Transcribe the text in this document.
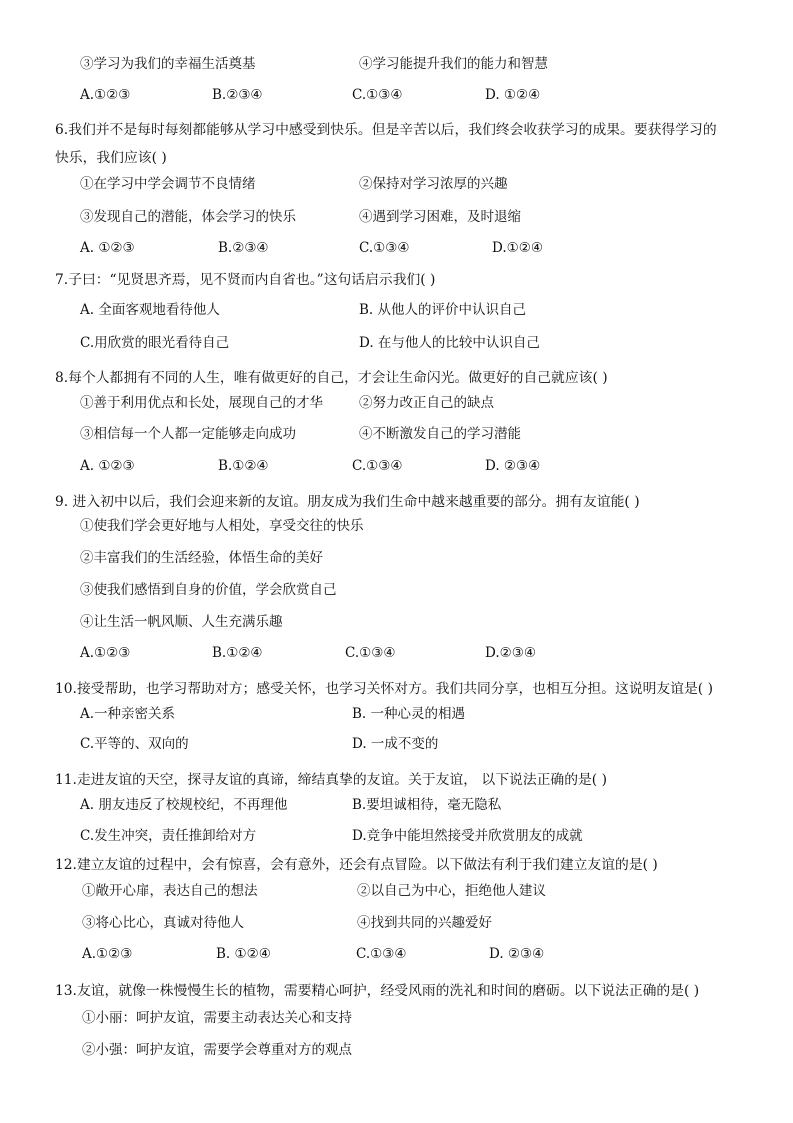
③学习为我们的幸福生活奠基	④学习能提升我们的能力和智慧
A.①②③	B.②③④	C.①③④	D. ①②④
6.我们并不是每时每刻都能够从学习中感受到快乐。但是辛苦以后，我们终会收获学习的成果。要获得学习的
快乐，我们应该( )
①在学习中学会调节不良情绪	②保持对学习浓厚的兴趣
③发现自己的潜能，体会学习的快乐	④遇到学习困难，及时退缩
A. ①②③	B.②③④	C.①③④	D.①②④
7.子曰：“见贤思齐焉，见不贤而内自省也。”这句话启示我们( )
A. 全面客观地看待他人	B. 从他人的评价中认识自己
C.用欣赏的眼光看待自己	D. 在与他人的比较中认识自己
8.每个人都拥有不同的人生，唯有做更好的自己，才会让生命闪光。做更好的自己就应该( )
①善于利用优点和长处，展现自己的才华	②努力改正自己的缺点
③相信每一个人都一定能够走向成功	④不断激发自己的学习潜能
A. ①②③	B.①②④	C.①③④	D. ②③④
9. 进入初中以后，我们会迎来新的友谊。朋友成为我们生命中越来越重要的部分。拥有友谊能( )
①使我们学会更好地与人相处，享受交往的快乐
②丰富我们的生活经验，体悟生命的美好
③使我们感悟到自身的价值，学会欣赏自己
④让生活一帆风顺、人生充满乐趣
A.①②③	B.①②④	C.①③④	D.②③④
10.接受帮助，也学习帮助对方；感受关怀，也学习关怀对方。我们共同分享，也相互分担。这说明友谊是( )
A.一种亲密关系	B. 一种心灵的相遇
C.平等的、双向的	D. 一成不变的
11.走进友谊的天空，探寻友谊的真谛，缔结真挚的友谊。关于友谊， 以下说法正确的是( )
A. 朋友违反了校规校纪，不再理他	B.要坦诚相待，毫无隐私
C.发生冲突，责任推卸给对方	D.竞争中能坦然接受并欣赏朋友的成就
12.建立友谊的过程中，会有惊喜，会有意外，还会有点冒险。以下做法有利于我们建立友谊的是( )
①敞开心扉，表达自己的想法	②以自己为中心，拒绝他人建议
③将心比心，真诚对待他人	④找到共同的兴趣爱好
A.①②③	B. ①②④	C.①③④	D. ②③④
13.友谊，就像一株慢慢生长的植物，需要精心呵护，经受风雨的洗礼和时间的磨砺。以下说法正确的是( )
①小丽：呵护友谊，需要主动表达关心和支持
②小强：呵护友谊，需要学会尊重对方的观点
